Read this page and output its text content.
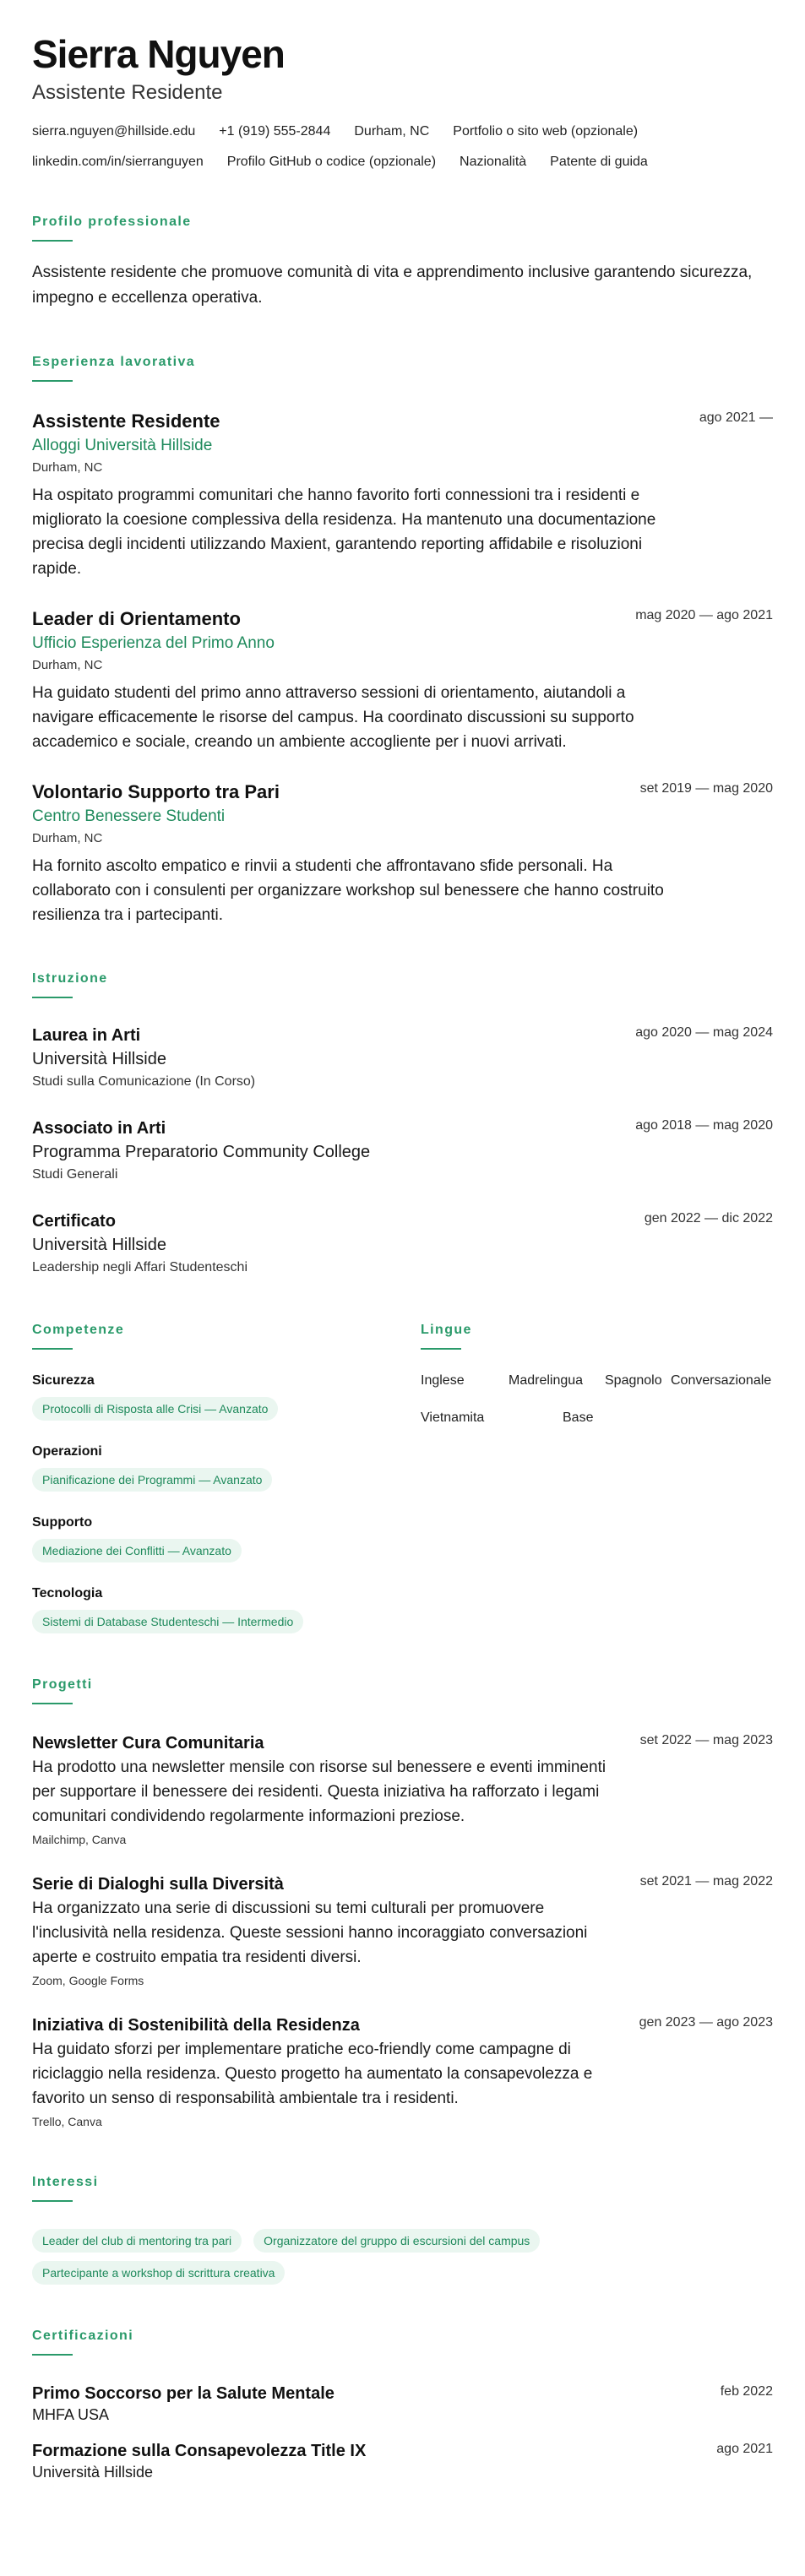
Sierra Nguyen
Assistente Residente
sierra.nguyen@hillside.edu +1 (919) 555-2844 Durham, NC Portfolio o sito web (opzionale)
linkedin.com/in/sierranguyen Profilo GitHub o codice (opzionale) Nazionalità Patente di guida
Profilo professionale
Assistente residente che promuove comunità di vita e apprendimento inclusive garantendo sicurezza, impegno e eccellenza operativa.
Esperienza lavorativa
ago 2021 —
Assistente Residente
Alloggi Università Hillside
Durham, NC
Ha ospitato programmi comunitari che hanno favorito forti connessioni tra i residenti e migliorato la coesione complessiva della residenza. Ha mantenuto una documentazione precisa degli incidenti utilizzando Maxient, garantendo reporting affidabile e risoluzioni rapide.
mag 2020 — ago 2021
Leader di Orientamento
Ufficio Esperienza del Primo Anno
Durham, NC
Ha guidato studenti del primo anno attraverso sessioni di orientamento, aiutandoli a navigare efficacemente le risorse del campus. Ha coordinato discussioni su supporto accademico e sociale, creando un ambiente accogliente per i nuovi arrivati.
set 2019 — mag 2020
Volontario Supporto tra Pari
Centro Benessere Studenti
Durham, NC
Ha fornito ascolto empatico e rinvii a studenti che affrontavano sfide personali. Ha collaborato con i consulenti per organizzare workshop sul benessere che hanno costruito resilienza tra i partecipanti.
Istruzione
ago 2020 — mag 2024
Laurea in Arti
Università Hillside
Studi sulla Comunicazione (In Corso)
ago 2018 — mag 2020
Associato in Arti
Programma Preparatorio Community College
Studi Generali
gen 2022 — dic 2022
Certificato
Università Hillside
Leadership negli Affari Studenteschi
Competenze
Sicurezza
Protocolli di Risposta alle Crisi — Avanzato
Operazioni
Pianificazione dei Programmi — Avanzato
Supporto
Mediazione dei Conflitti — Avanzato
Tecnologia
Sistemi di Database Studenteschi — Intermedio
Lingue
Inglese	Madrelingua	Spagnolo Conversazionale
Vietnamita	Base
Progetti
set 2022 — mag 2023
Newsletter Cura Comunitaria
Ha prodotto una newsletter mensile con risorse sul benessere e eventi imminenti per supportare il benessere dei residenti. Questa iniziativa ha rafforzato i legami comunitari condividendo regolarmente informazioni preziose.
Mailchimp, Canva
set 2021 — mag 2022
Serie di Dialoghi sulla Diversità
Ha organizzato una serie di discussioni su temi culturali per promuovere l'inclusività nella residenza. Queste sessioni hanno incoraggiato conversazioni aperte e costruito empatia tra residenti diversi.
Zoom, Google Forms
gen 2023 — ago 2023
Iniziativa di Sostenibilità della Residenza
Ha guidato sforzi per implementare pratiche eco-friendly come campagne di riciclaggio nella residenza. Questo progetto ha aumentato la consapevolezza e favorito un senso di responsabilità ambientale tra i residenti.
Trello, Canva
Interessi
Leader del club di mentoring tra pari	Organizzatore del gruppo di escursioni del campus
Partecipante a workshop di scrittura creativa
Certificazioni
feb 2022
Primo Soccorso per la Salute Mentale
MHFA USA
ago 2021
Formazione sulla Consapevolezza Title IX
Università Hillside
